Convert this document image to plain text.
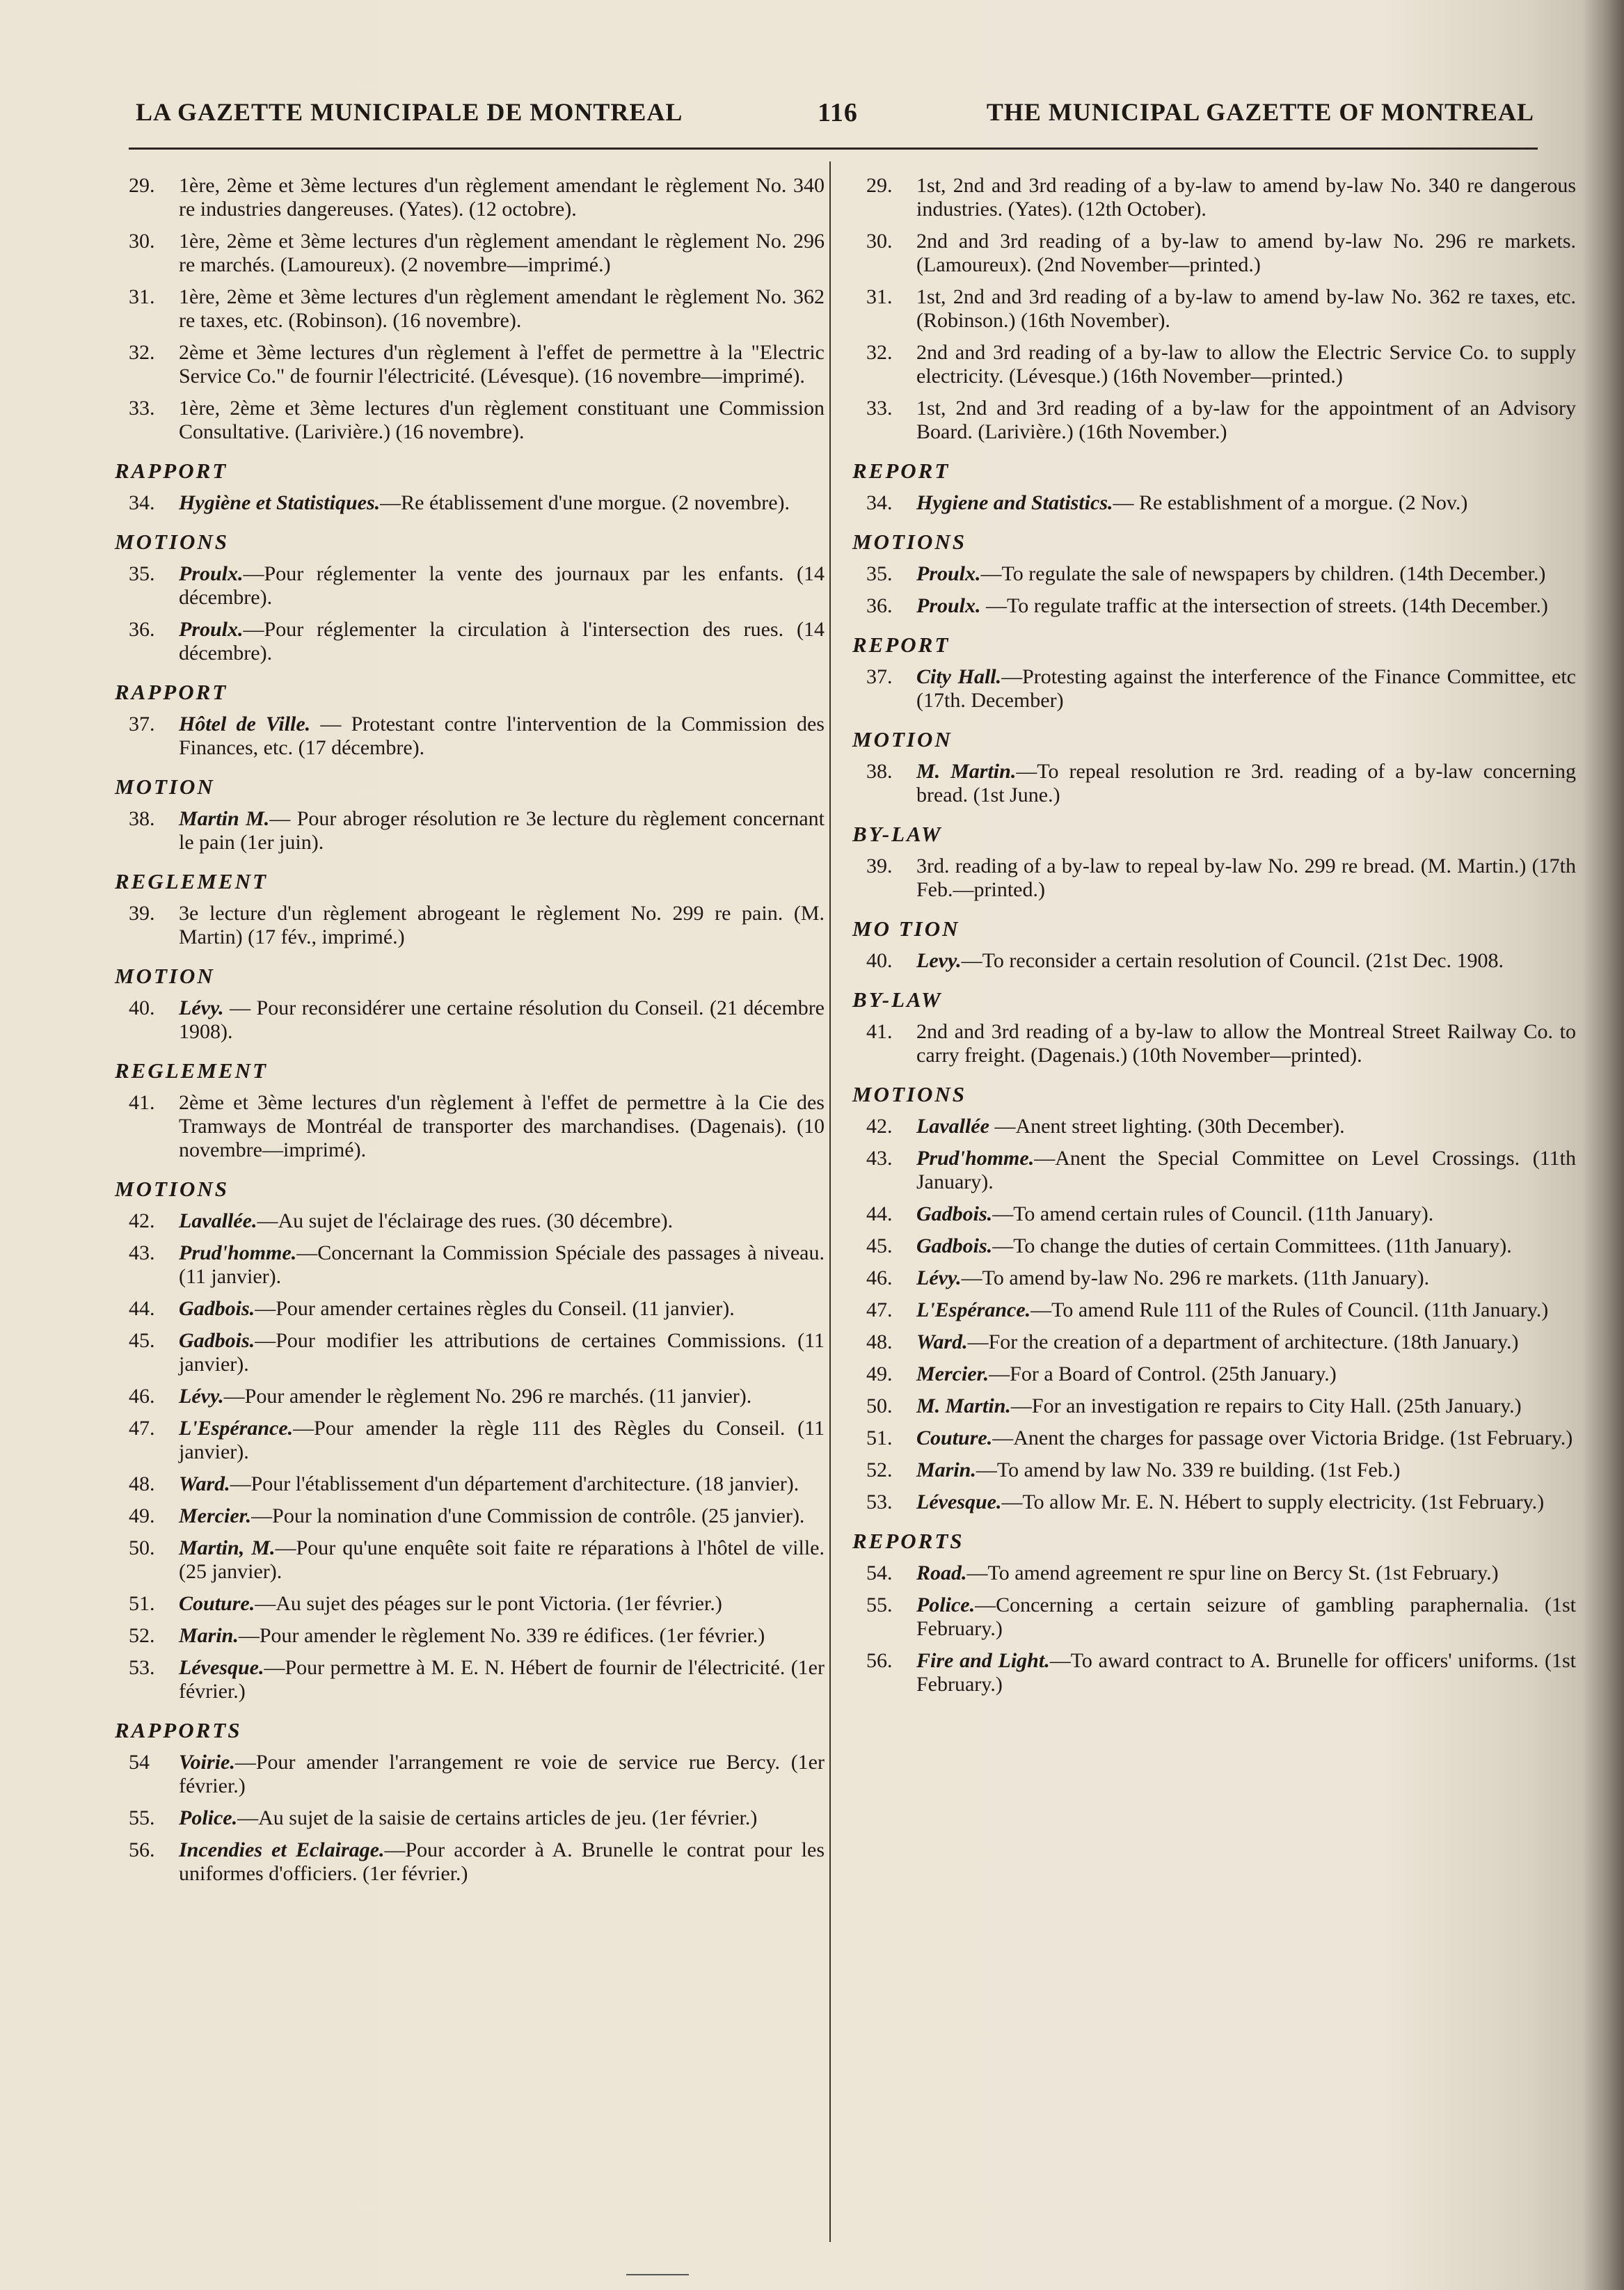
LA GAZETTE MUNICIPALE DE MONTREAL	116	THE MUNICIPAL GAZETTE OF MONTREAL
29.	1ère, 2ème et 3ème lectures d'un règlement amendant le règlement No. 340 re industries dangereuses. (Yates). (12 octobre).
30.	1ère, 2ème et 3ème lectures d'un règlement amendant le règlement No. 296 re marchés. (Lamoureux). (2 novembre—imprimé.)
31.	1ère, 2ème et 3ème lectures d'un règlement amendant le règlement No. 362 re taxes, etc. (Robinson). (16 novembre).
32.	2ème et 3ème lectures d'un règlement à l'effet de permettre à la "Electric Service Co." de fournir l'électricité. (Lévesque). (16 novembre—imprimé).
33.	1ère, 2ème et 3ème lectures d'un règlement constituant une Commission Consultative. (Larivière.) (16 novembre).
RAPPORT
34.	Hygiène et Statistiques.—Re établissement d'une morgue. (2 novembre).
MOTIONS
35.	Proulx.—Pour réglementer la vente des journaux par les enfants. (14 décembre).
36.	Proulx.—Pour réglementer la circulation à l'intersection des rues. (14 décembre).
RAPPORT
37.	Hôtel de Ville. — Protestant contre l'intervention de la Commission des Finances, etc. (17 décembre).
MOTION
38.	Martin M.— Pour abroger résolution re 3e lecture du règlement concernant le pain (1er juin).
REGLEMENT
39.	3e lecture d'un règlement abrogeant le règlement No. 299 re pain. (M. Martin) (17 fév., imprimé.)
MOTION
40.	Lévy. — Pour reconsidérer une certaine résolution du Conseil. (21 décembre 1908).
REGLEMENT
41.	2ème et 3ème lectures d'un règlement à l'effet de permettre à la Cie des Tramways de Montréal de transporter des marchandises. (Dagenais). (10 novembre—imprimé).
MOTIONS
42.	Lavallée.—Au sujet de l'éclairage des rues. (30 décembre).
43.	Prud'homme.—Concernant la Commission Spéciale des passages à niveau. (11 janvier).
44.	Gadbois.—Pour amender certaines règles du Conseil. (11 janvier).
45.	Gadbois.—Pour modifier les attributions de certaines Commissions. (11 janvier).
46.	Lévy.—Pour amender le règlement No. 296 re marchés. (11 janvier).
47.	L'Espérance.—Pour amender la règle 111 des Règles du Conseil. (11 janvier).
48.	Ward.—Pour l'établissement d'un département d'architecture. (18 janvier).
49.	Mercier.—Pour la nomination d'une Commission de contrôle. (25 janvier).
50.	Martin, M.—Pour qu'une enquête soit faite re réparations à l'hôtel de ville. (25 janvier).
51.	Couture.—Au sujet des péages sur le pont Victoria. (1er février.)
52.	Marin.—Pour amender le règlement No. 339 re édifices. (1er février.)
53.	Lévesque.—Pour permettre à M. E. N. Hébert de fournir de l'électricité. (1er février.)
RAPPORTS
54	Voirie.—Pour amender l'arrangement re voie de service rue Bercy. (1er février.)
55.	Police.—Au sujet de la saisie de certains articles de jeu. (1er février.)
56.	Incendies et Eclairage.—Pour accorder à A. Brunelle le contrat pour les uniformes d'officiers. (1er février.)
29.	1st, 2nd and 3rd reading of a by-law to amend by-law No. 340 re dangerous industries. (Yates). (12th October).
30.	2nd and 3rd reading of a by-law to amend by-law No. 296 re markets. (Lamoureux). (2nd November—printed.)
31.	1st, 2nd and 3rd reading of a by-law to amend by-law No. 362 re taxes, etc. (Robinson.) (16th November).
32.	2nd and 3rd reading of a by-law to allow the Electric Service Co. to supply electricity. (Lévesque.) (16th November—printed.)
33.	1st, 2nd and 3rd reading of a by-law for the appointment of an Advisory Board. (Larivière.) (16th November.)
REPORT
34.	Hygiene and Statistics.— Re establishment of a morgue. (2 Nov.)
MOTIONS
35.	Proulx.—To regulate the sale of newspapers by children. (14th December.)
36.	Proulx. —To regulate traffic at the intersection of streets. (14th December.)
REPORT
37.	City Hall.—Protesting against the interference of the Finance Committee, etc (17th. December)
MOTION
38.	M. Martin.—To repeal resolution re 3rd. reading of a by-law concerning bread. (1st June.)
BY-LAW
39.	3rd. reading of a by-law to repeal by-law No. 299 re bread. (M. Martin.) (17th Feb.—printed.)
MO TION
40.	Levy.—To reconsider a certain resolution of Council. (21st Dec. 1908.
BY-LAW
41.	2nd and 3rd reading of a by-law to allow the Montreal Street Railway Co. to carry freight. (Dagenais.) (10th November—printed).
MOTIONS
42.	Lavallée —Anent street lighting. (30th December).
43.	Prud'homme.—Anent the Special Committee on Level Crossings. (11th January).
44.	Gadbois.—To amend certain rules of Council. (11th January).
45.	Gadbois.—To change the duties of certain Committees. (11th January).
46.	Lévy.—To amend by-law No. 296 re markets. (11th January).
47.	L'Espérance.—To amend Rule 111 of the Rules of Council. (11th January.)
48.	Ward.—For the creation of a department of architecture. (18th January.)
49.	Mercier.—For a Board of Control. (25th January.)
50.	M. Martin.—For an investigation re repairs to City Hall. (25th January.)
51.	Couture.—Anent the charges for passage over Victoria Bridge. (1st February.)
52.	Marin.—To amend by law No. 339 re building. (1st Feb.)
53.	Lévesque.—To allow Mr. E. N. Hébert to supply electricity. (1st February.)
REPORTS
54.	Road.—To amend agreement re spur line on Bercy St. (1st February.)
55.	Police.—Concerning a certain seizure of gambling paraphernalia. (1st February.)
56.	Fire and Light.—To award contract to A. Brunelle for officers' uniforms. (1st February.)
